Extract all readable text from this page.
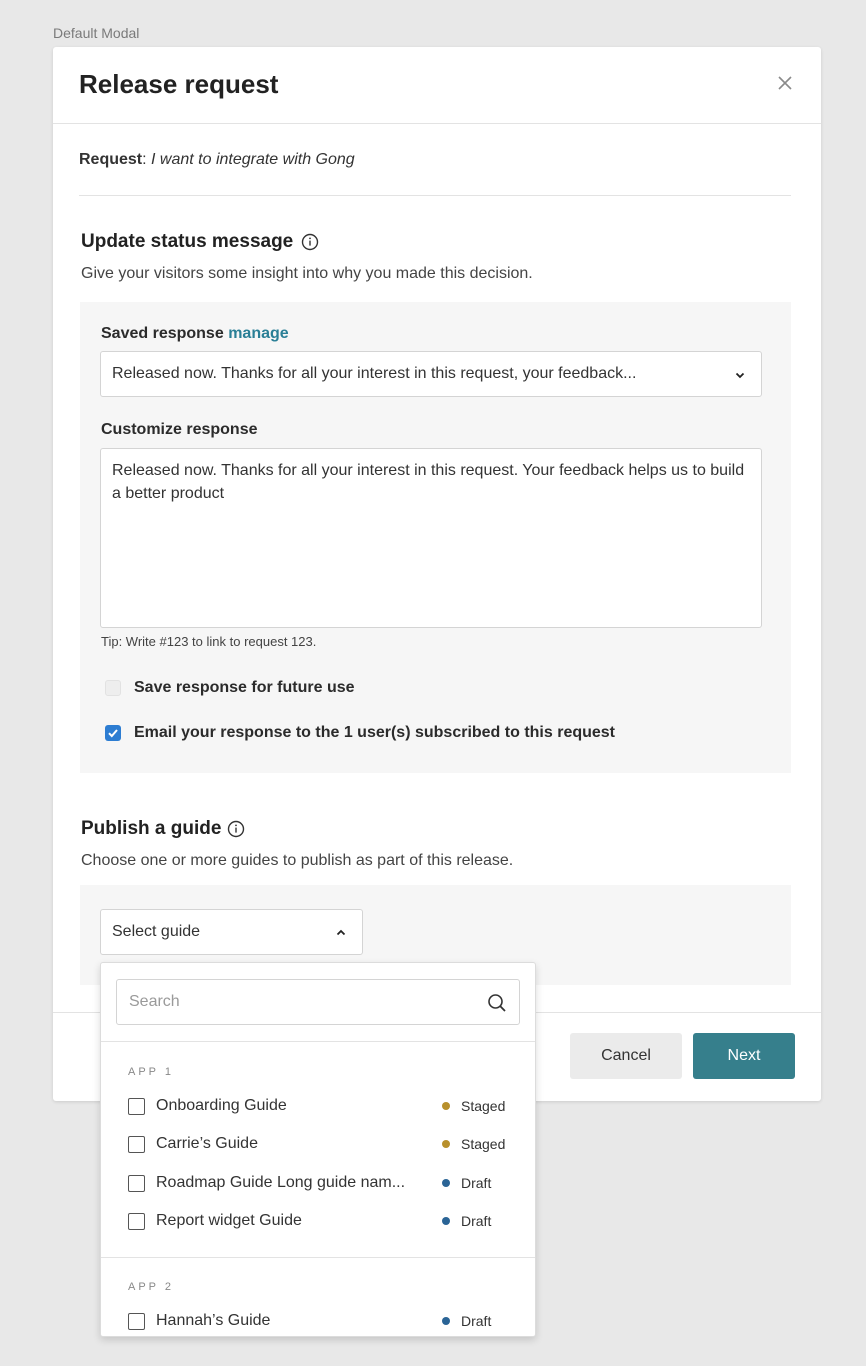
Default Modal
Release request
Request: I want to integrate with Gong
Update status message
Give your visitors some insight into why you made this decision.
Saved response manage
Released now. Thanks for all your interest in this request, your feedback...
Customize response
Released now. Thanks for all your interest in this request. Your feedback helps us to build a better product
Tip: Write #123 to link to request 123.
Save response for future use
Email your response to the 1 user(s) subscribed to this request
Publish a guide
Choose one or more guides to publish as part of this release.
Select guide
Cancel	Next
Search
APP 1
Onboarding Guide	Staged
Carrie’s Guide	Staged
Roadmap Guide Long guide nam...	Draft
Report widget Guide	Draft
APP 2
Hannah’s Guide	Draft
